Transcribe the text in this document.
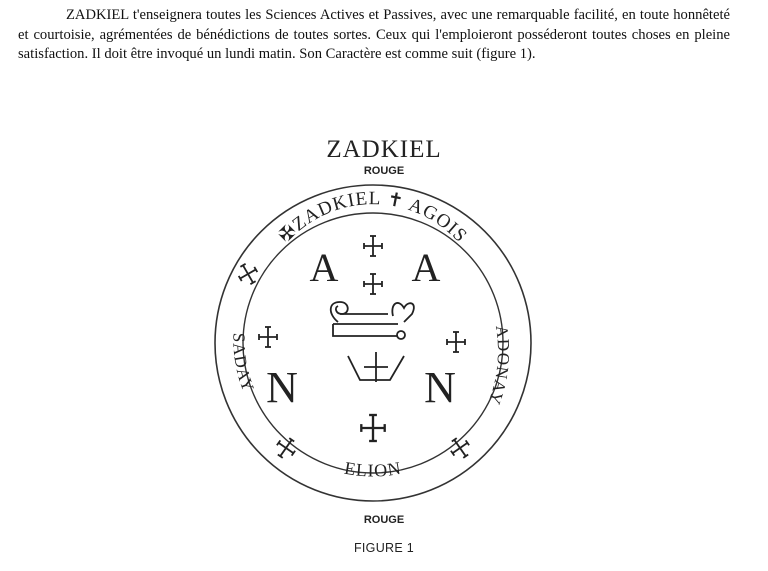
ZADKIEL t'enseignera toutes les Sciences Actives et Passives, avec une remarquable facilité, en toute honnêteté et courtoisie, agrémentées de bénédictions de toutes sortes. Ceux qui l'emploieront posséderont toutes choses en pleine satisfaction. Il doit être invoqué un lundi matin. Son Caractère est comme suit (figure 1).

ZADKIEL
ROUGE
✠ZADKIEL ✝ AGOIS
SADAY
ADONAY
ELION
A A
N	N
ROUGE
FIGURE 1
